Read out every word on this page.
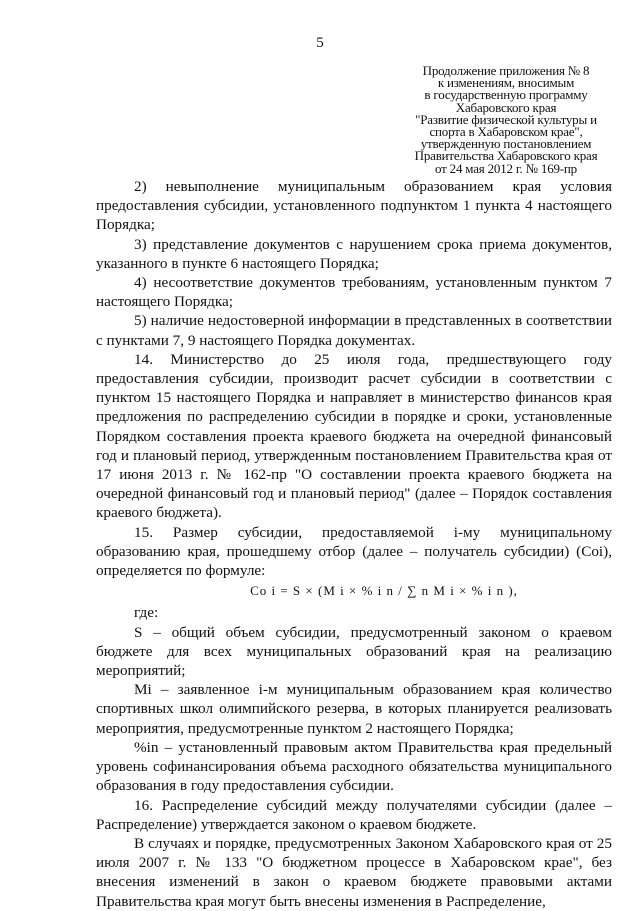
5
Продолжение приложения № 8
к изменениям, вносимым
в государственную программу
Хабаровского края
"Развитие физической культуры и
спорта в Хабаровском крае",
утвержденную постановлением
Правительства Хабаровского края
от 24 мая 2012 г. № 169-пр
2) невыполнение муниципальным образованием края условия предоставления субсидии, установленного подпунктом 1 пункта 4 настоящего Порядка;
3) представление документов с нарушением срока приема документов, указанного в пункте 6 настоящего Порядка;
4) несоответствие документов требованиям, установленным пунктом 7 настоящего Порядка;
5) наличие недостоверной информации в представленных в соответствии с пунктами 7, 9 настоящего Порядка документах.
14. Министерство до 25 июля года, предшествующего году предоставления субсидии, производит расчет субсидии в соответствии с пунктом 15 настоящего Порядка и направляет в министерство финансов края предложения по распределению субсидии в порядке и сроки, установленные Порядком составления проекта краевого бюджета на очередной финансовый год и плановый период, утвержденным постановлением Правительства края от 17 июня 2013 г. № 162-пр "О составлении проекта краевого бюджета на очередной финансовый год и плановый период" (далее – Порядок составления краевого бюджета).
15. Размер субсидии, предоставляемой i-му муниципальному образованию края, прошедшему отбор (далее – получатель субсидии) (Coi), определяется по формуле:
Co i = S × (M i × % i n / ∑ n M i × % i n ),
где:
S – общий объем субсидии, предусмотренный законом о краевом бюджете для всех муниципальных образований края на реализацию мероприятий;
Mi – заявленное i-м муниципальным образованием края количество спортивных школ олимпийского резерва, в которых планируется реализовать мероприятия, предусмотренные пунктом 2 настоящего Порядка;
%in – установленный правовым актом Правительства края предельный уровень софинансирования объема расходного обязательства муниципального образования в году предоставления субсидии.
16. Распределение субсидий между получателями субсидии (далее – Распределение) утверждается законом о краевом бюджете.
В случаях и порядке, предусмотренных Законом Хабаровского края от 25 июля 2007 г. № 133 "О бюджетном процессе в Хабаровском крае", без внесения изменений в закон о краевом бюджете правовыми актами Правительства края могут быть внесены изменения в Распределение,
